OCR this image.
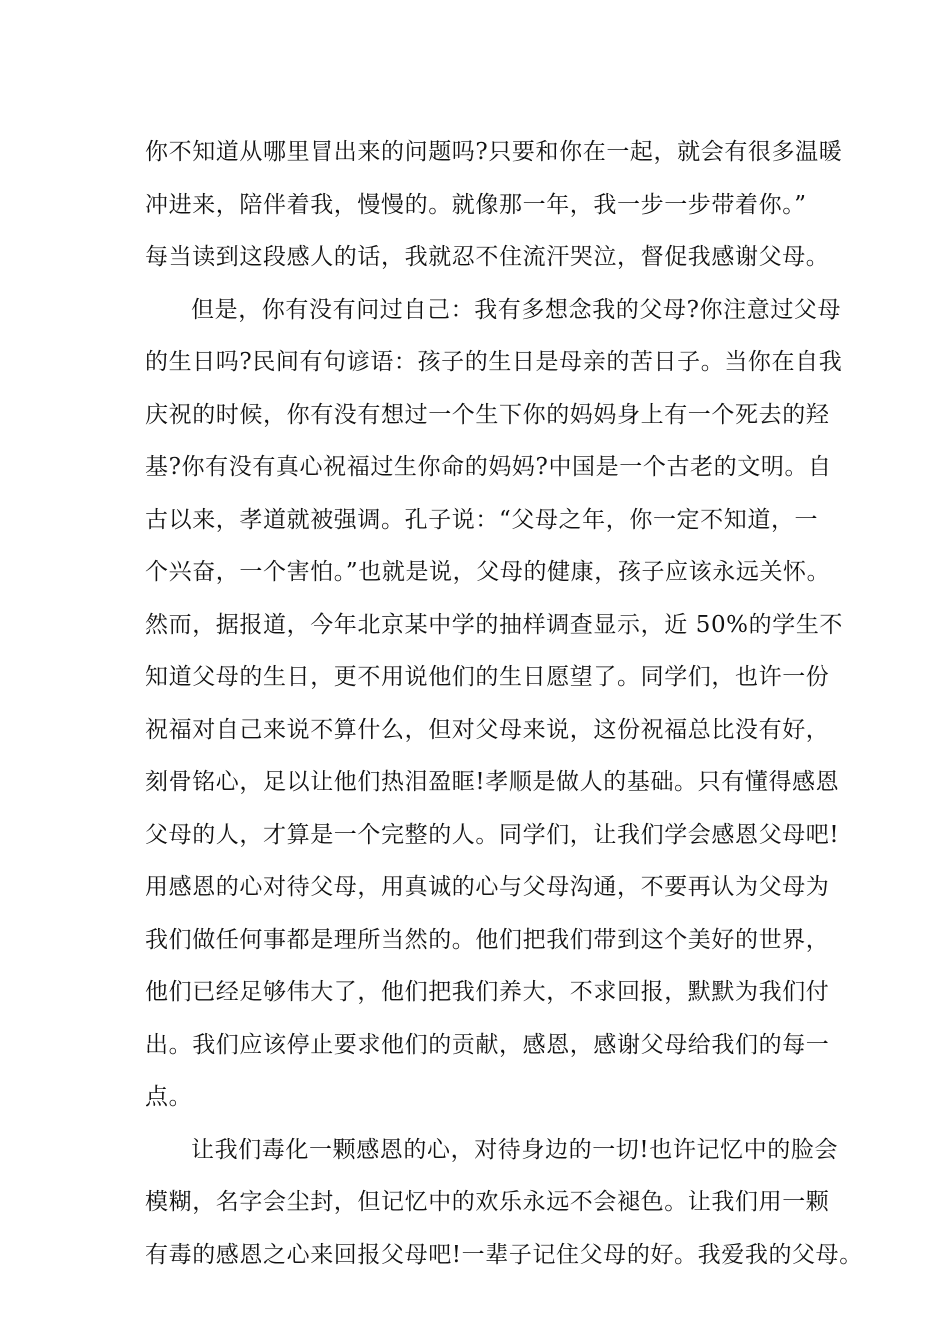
你不知道从哪里冒出来的问题吗?只要和你在一起，就会有很多温暖
冲进来，陪伴着我，慢慢的。就像那一年，我一步一步带着你。”
每当读到这段感人的话，我就忍不住流汗哭泣，督促我感谢父母。
但是，你有没有问过自己：我有多想念我的父母?你注意过父母
的生日吗?民间有句谚语：孩子的生日是母亲的苦日子。当你在自我
庆祝的时候，你有没有想过一个生下你的妈妈身上有一个死去的羟
基?你有没有真心祝福过生你命的妈妈?中国是一个古老的文明。自
古以来，孝道就被强调。孔子说：“父母之年，你一定不知道，一
个兴奋，一个害怕。”也就是说，父母的健康，孩子应该永远关怀。
然而，据报道，今年北京某中学的抽样调查显示，近 50%的学生不
知道父母的生日，更不用说他们的生日愿望了。同学们，也许一份
祝福对自己来说不算什么，但对父母来说，这份祝福总比没有好，
刻骨铭心，足以让他们热泪盈眶!孝顺是做人的基础。只有懂得感恩
父母的人，才算是一个完整的人。同学们，让我们学会感恩父母吧!
用感恩的心对待父母，用真诚的心与父母沟通，不要再认为父母为
我们做任何事都是理所当然的。他们把我们带到这个美好的世界，
他们已经足够伟大了，他们把我们养大，不求回报，默默为我们付
出。我们应该停止要求他们的贡献，感恩，感谢父母给我们的每一
点。
让我们毒化一颗感恩的心，对待身边的一切!也许记忆中的脸会
模糊，名字会尘封，但记忆中的欢乐永远不会褪色。让我们用一颗
有毒的感恩之心来回报父母吧!一辈子记住父母的好。我爱我的父母。
